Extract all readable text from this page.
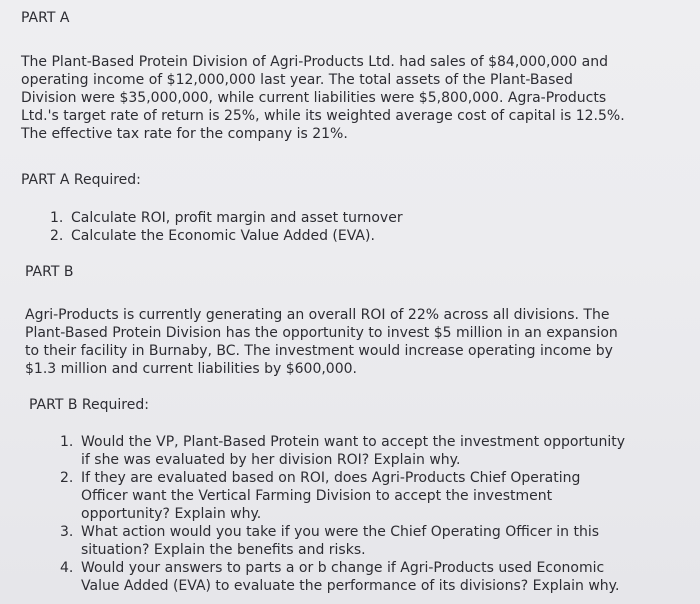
PART A
The Plant-Based Protein Division of Agri-Products Ltd. had sales of $84,000,000 and
operating income of $12,000,000 last year. The total assets of the Plant-Based
Division were $35,000,000, while current liabilities were $5,800,000. Agra-Products
Ltd.'s target rate of return is 25%, while its weighted average cost of capital is 12.5%.
The effective tax rate for the company is 21%.
PART A Required:
1. Calculate ROI, profit margin and asset turnover
2. Calculate the Economic Value Added (EVA).
PART B
Agri-Products is currently generating an overall ROI of 22% across all divisions. The
Plant-Based Protein Division has the opportunity to invest $5 million in an expansion
to their facility in Burnaby, BC. The investment would increase operating income by
$1.3 million and current liabilities by $600,000.
PART B Required:
1. Would the VP, Plant-Based Protein want to accept the investment opportunity
if she was evaluated by her division ROI? Explain why.
2. If they are evaluated based on ROI, does Agri-Products Chief Operating
Officer want the Vertical Farming Division to accept the investment
opportunity? Explain why.
3. What action would you take if you were the Chief Operating Officer in this
situation? Explain the benefits and risks.
4. Would your answers to parts a or b change if Agri-Products used Economic
Value Added (EVA) to evaluate the performance of its divisions? Explain why.
